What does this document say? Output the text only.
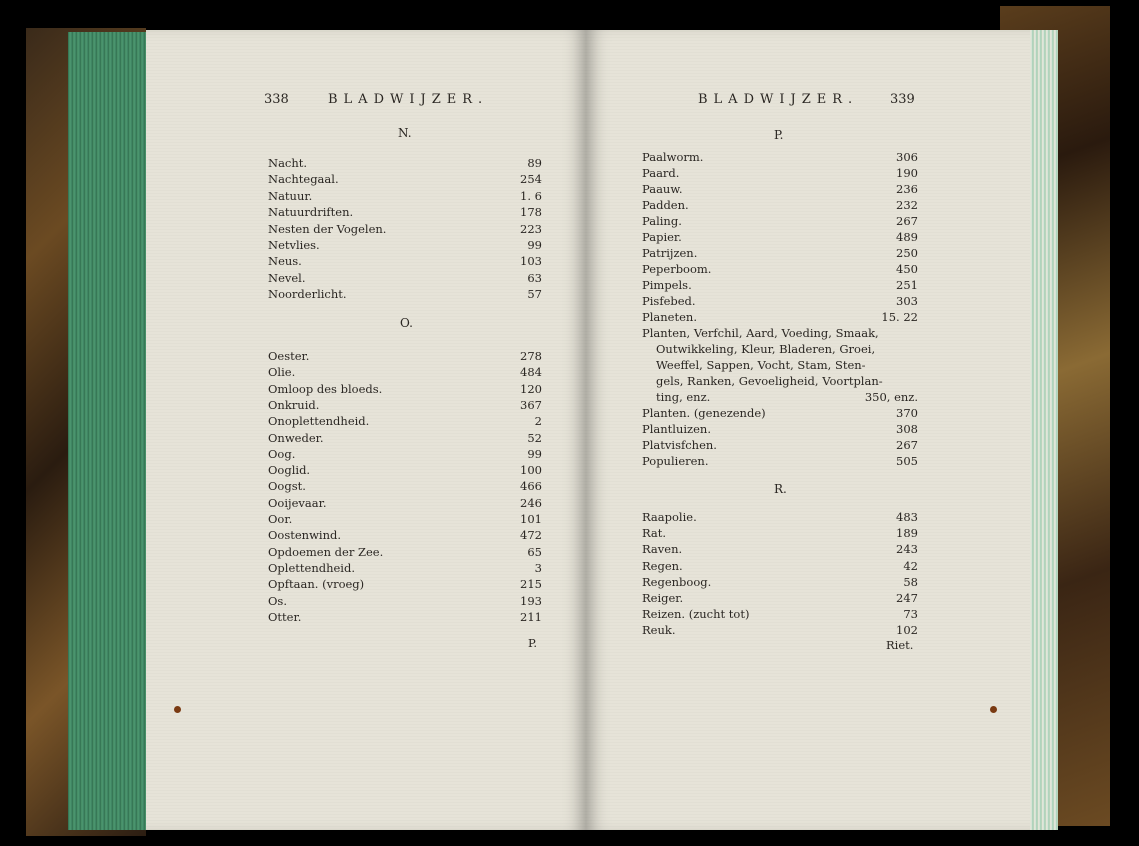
338	BLADWIJZER.
N.
Nacht.	89
Nachtegaal.	254
Natuur.	1. 6
Natuurdriften.	178
Nesten der Vogelen.	223
Netvlies.	99
Neus.	103
Nevel.	63
Noorderlicht.	57
O.
Oester.	278
Olie.	484
Omloop des bloeds.	120
Onkruid.	367
Onoplettendheid.	2
Onweder.	52
Oog.	99
Ooglid.	100
Oogst.	466
Ooijevaar.	246
Oor.	101
Oostenwind.	472
Opdoemen der Zee.	65
Oplettendheid.	3
Opftaan. (vroeg)	215
Os.	193
Otter.	211
P.
BLADWIJZER. 339
P.
Paalworm.	306
Paard.	190
Paauw.	236
Padden.	232
Paling.	267
Papier.	489
Patrijzen.	250
Peperboom.	450
Pimpels.	251
Pisfebed.	303
Planeten.	15. 22
Planten, Verfchil, Aard, Voeding, Smaak,
Outwikkeling, Kleur, Bladeren, Groei,
Weeffel, Sappen, Vocht, Stam, Sten-
gels, Ranken, Gevoeligheid, Voortplan-
ting, enz.	350, enz.
Planten. (genezende)	370
Plantluizen.	308
Platvisfchen.	267
Populieren.	505
R.
Raapolie.	483
Rat.	189
Raven.	243
Regen.	42
Regenboog.	58
Reiger.	247
Reizen. (zucht tot)	73
Reuk.	102
Riet.
